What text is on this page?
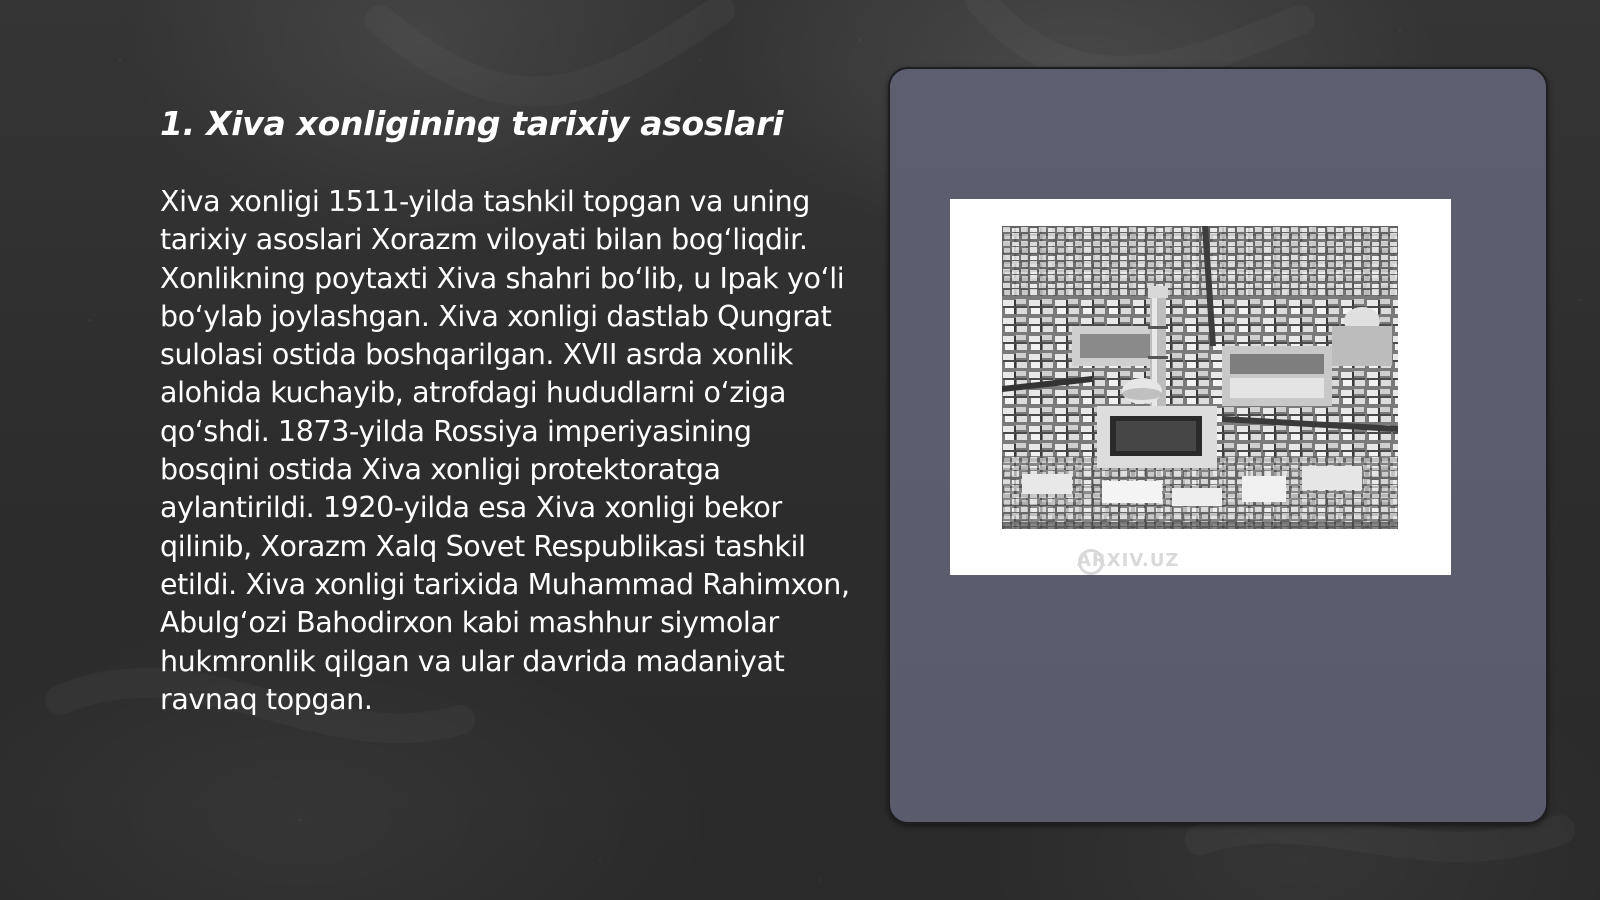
1. Xiva xonligining tarixiy asoslari

Xiva xonligi 1511-yilda tashkil topgan va uning tarixiy asoslari Xorazm viloyati bilan bog‘liqdir. Xonlikning poytaxti Xiva shahri bo‘lib, u Ipak yo‘li bo‘ylab joylashgan. Xiva xonligi dastlab Qungrat sulolasi ostida boshqarilgan. XVII asrda xonlik alohida kuchayib, atrofdagi hududlarni o‘ziga qo‘shdi. 1873-yilda Rossiya imperiyasining bosqini ostida Xiva xonligi protektoratga aylantirildi. 1920-yilda esa Xiva xonligi bekor qilinib, Xorazm Xalq Sovet Respublikasi tashkil etildi. Xiva xonligi tarixida Muhammad Rahimxon, Abulg‘ozi Bahodirxon kabi mashhur siymolar hukmronlik qilgan va ular davrida madaniyat ravnaq topgan.

ARXIV.UZ
